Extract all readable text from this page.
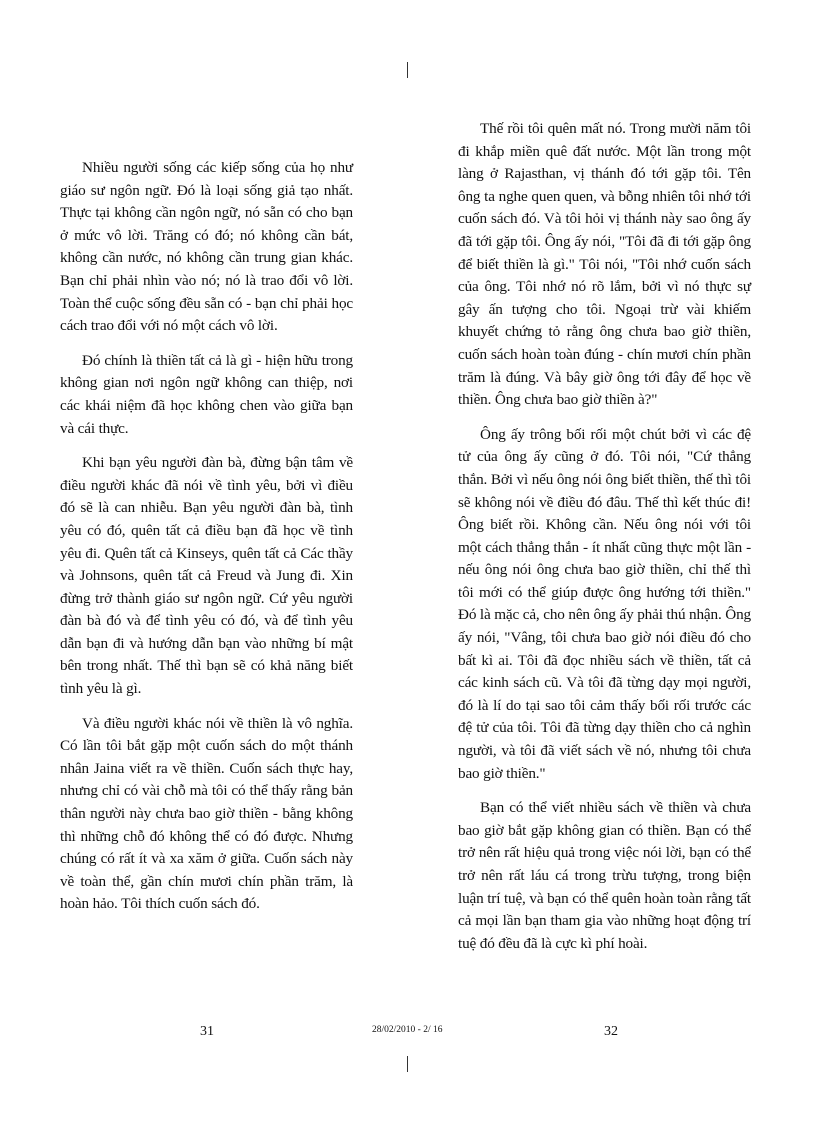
Nhiều người sống các kiếp sống của họ như giáo sư ngôn ngữ. Đó là loại sống giả tạo nhất. Thực tại không cần ngôn ngữ, nó sẵn có cho bạn ở mức vô lời. Trăng có đó; nó không cần bát, không cần nước, nó không cần trung gian khác. Bạn chỉ phải nhìn vào nó; nó là trao đổi vô lời. Toàn thể cuộc sống đều sẵn có - bạn chỉ phải học cách trao đổi với nó một cách vô lời.

Đó chính là thiền tất cả là gì - hiện hữu trong không gian nơi ngôn ngữ không can thiệp, nơi các khái niệm đã học không chen vào giữa bạn và cái thực.

Khi bạn yêu người đàn bà, đừng bận tâm về điều người khác đã nói về tình yêu, bởi vì điều đó sẽ là can nhiễu. Bạn yêu người đàn bà, tình yêu có đó, quên tất cả điều bạn đã học về tình yêu đi. Quên tất cả Kinseys, quên tất cả Các thầy và Johnsons, quên tất cả Freud và Jung đi. Xin đừng trở thành giáo sư ngôn ngữ. Cứ yêu người đàn bà đó và để tình yêu có đó, và để tình yêu dẫn bạn đi và hướng dẫn bạn vào những bí mật bên trong nhất. Thế thì bạn sẽ có khả năng biết tình yêu là gì.

Và điều người khác nói về thiền là vô nghĩa. Có lần tôi bắt gặp một cuốn sách do một thánh nhân Jaina viết ra về thiền. Cuốn sách thực hay, nhưng chỉ có vài chỗ mà tôi có thể thấy rằng bản thân người này chưa bao giờ thiền - bằng không thì những chỗ đó không thể có đó được. Nhưng chúng có rất ít và xa xăm ở giữa. Cuốn sách này về toàn thể, gần chín mươi chín phần trăm, là hoàn hảo. Tôi thích cuốn sách đó.

Thế rồi tôi quên mất nó. Trong mười năm tôi đi khắp miền quê đất nước. Một lần trong một làng ở Rajasthan, vị thánh đó tới gặp tôi. Tên ông ta nghe quen quen, và bỗng nhiên tôi nhớ tới cuốn sách đó. Và tôi hỏi vị thánh này sao ông ấy đã tới gặp tôi. Ông ấy nói, "Tôi đã đi tới gặp ông để biết thiền là gì." Tôi nói, "Tôi nhớ cuốn sách của ông. Tôi nhớ nó rõ lắm, bởi vì nó thực sự gây ấn tượng cho tôi. Ngoại trừ vài khiếm khuyết chứng tỏ rằng ông chưa bao giờ thiền, cuốn sách hoàn toàn đúng - chín mươi chín phần trăm là đúng. Và bây giờ ông tới đây để học về thiền. Ông chưa bao giờ thiền à?"

Ông ấy trông bối rối một chút bởi vì các đệ tử của ông ấy cũng ở đó. Tôi nói, "Cứ thẳng thắn. Bởi vì nếu ông nói ông biết thiền, thế thì tôi sẽ không nói về điều đó đâu. Thế thì kết thúc đi! Ông biết rồi. Không cần. Nếu ông nói với tôi một cách thẳng thắn - ít nhất cũng thực một lần - nếu ông nói ông chưa bao giờ thiền, chỉ thế thì tôi mới có thể giúp được ông hướng tới thiền." Đó là mặc cả, cho nên ông ấy phải thú nhận. Ông ấy nói, "Vâng, tôi chưa bao giờ nói điều đó cho bất kì ai. Tôi đã đọc nhiều sách về thiền, tất cả các kinh sách cũ. Và tôi đã từng dạy mọi người, đó là lí do tại sao tôi cảm thấy bối rối trước các đệ tử của tôi. Tôi đã từng dạy thiền cho cả nghìn người, và tôi đã viết sách về nó, nhưng tôi chưa bao giờ thiền."

Bạn có thể viết nhiều sách về thiền và chưa bao giờ bắt gặp không gian có thiền. Bạn có thể trở nên rất hiệu quả trong việc nói lời, bạn có thể trở nên rất láu cá trong trừu tượng, trong biện luận trí tuệ, và bạn có thể quên hoàn toàn rằng tất cả mọi lần bạn tham gia vào những hoạt động trí tuệ đó đều đã là cực kì phí hoài.

31	28/02/2010 - 2/ 16	32
